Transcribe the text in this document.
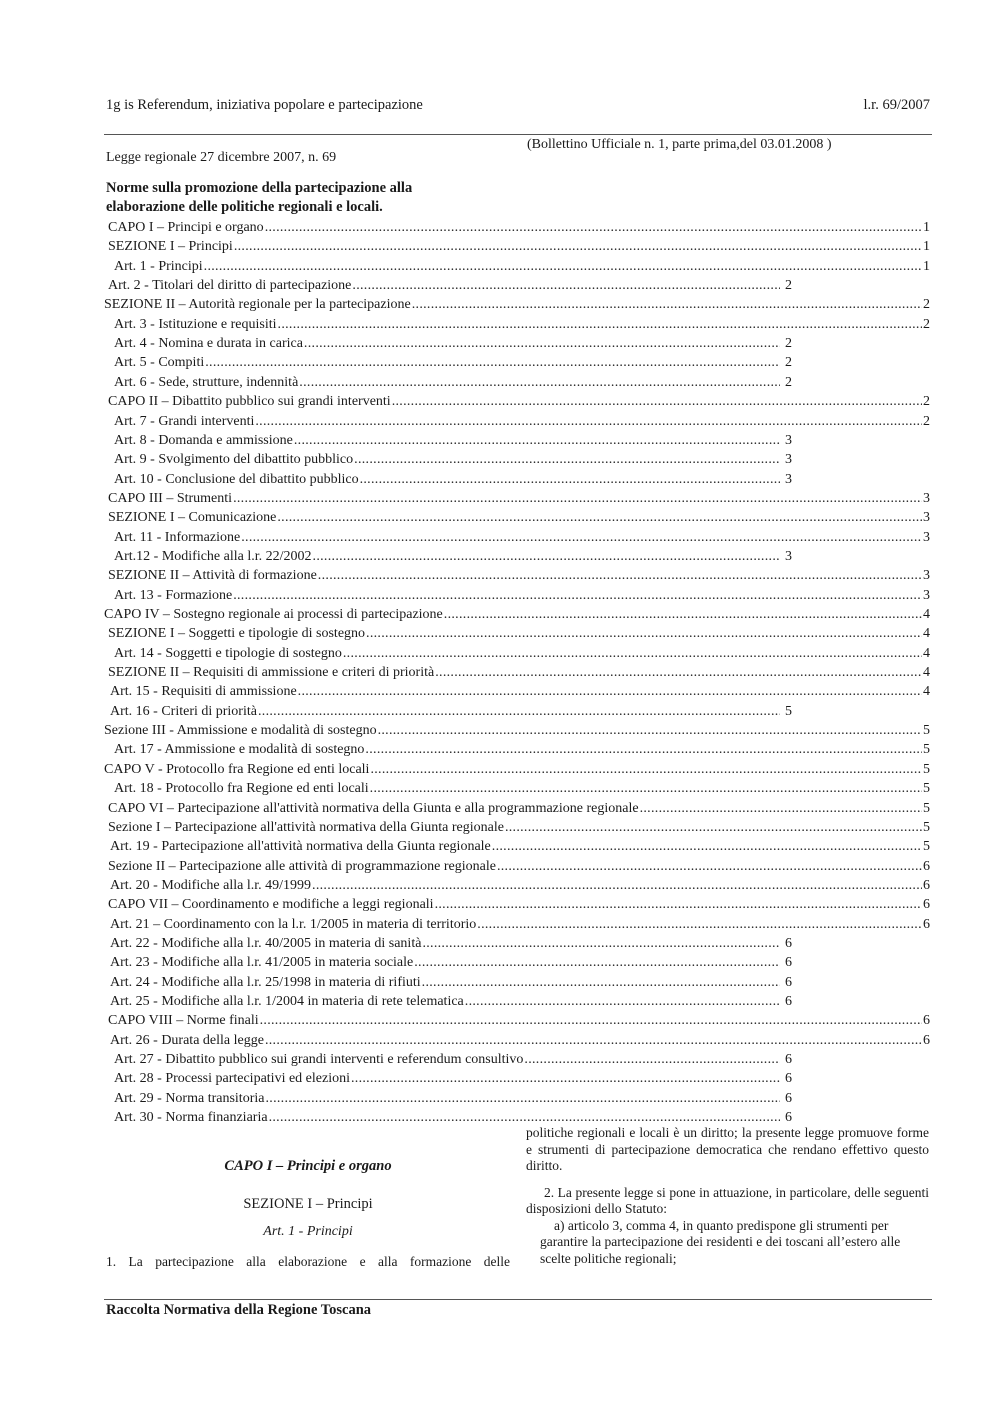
1g is Referendum, iniziativa popolare e partecipazione	l.r. 69/2007
(Bollettino Ufficiale n. 1, parte prima,del 03.01.2008 )
Legge regionale 27 dicembre 2007, n. 69
Norme sulla promozione della partecipazione alla
elaborazione delle politiche regionali e locali.
CAPO I – Principi e organo .....	1
SEZIONE I – Principi .....	1
Art. 1 - Principi .....	1
Art. 2 - Titolari del diritto di partecipazione .....	2
SEZIONE II – Autorità regionale per la partecipazione .....	2
Art. 3 - Istituzione e requisiti .....	2
Art. 4 - Nomina e durata in carica .....	2
Art. 5 - Compiti .....	2
Art. 6 - Sede, strutture, indennità .....	2
CAPO II – Dibattito pubblico sui grandi interventi .....	2
Art. 7 - Grandi interventi .....	2
Art. 8 - Domanda e ammissione .....	3
Art. 9 - Svolgimento del dibattito pubblico .....	3
Art. 10 - Conclusione del dibattito pubblico .....	3
CAPO III – Strumenti .....	3
SEZIONE I – Comunicazione .....	3
Art. 11 - Informazione .....	3
Art.12 - Modifiche alla l.r. 22/2002 .....	3
SEZIONE II – Attività di formazione .....	3
Art. 13 - Formazione .....	3
CAPO IV – Sostegno regionale ai processi di partecipazione .....	4
SEZIONE I – Soggetti e tipologie di sostegno .....	4
Art. 14 - Soggetti e tipologie di sostegno .....	4
SEZIONE II – Requisiti di ammissione e criteri di priorità .....	4
Art. 15 - Requisiti di ammissione .....	4
Art. 16 - Criteri di priorità .....	5
Sezione III - Ammissione e modalità di sostegno .....	5
Art. 17 - Ammissione e modalità di sostegno .....	5
CAPO V - Protocollo fra Regione ed enti locali .....	5
Art. 18 - Protocollo fra Regione ed enti locali .....	5
CAPO VI – Partecipazione all'attività normativa della Giunta e alla programmazione regionale .....	5
Sezione I – Partecipazione all'attività normativa della Giunta regionale .....	5
Art. 19 - Partecipazione all'attività normativa della Giunta regionale .....	5
Sezione II – Partecipazione alle attività di programmazione regionale .....	6
Art. 20 - Modifiche alla l.r. 49/1999 .....	6
CAPO VII – Coordinamento e modifiche a leggi regionali .....	6
Art. 21 – Coordinamento con la l.r. 1/2005 in materia di territorio .....	6
Art. 22 - Modifiche alla l.r. 40/2005 in materia di sanità .....	6
Art. 23 - Modifiche alla l.r. 41/2005 in materia sociale .....	6
Art. 24 - Modifiche alla l.r. 25/1998 in materia di rifiuti .....	6
Art. 25 - Modifiche alla l.r. 1/2004 in materia di rete telematica .....	6
CAPO VIII – Norme finali .....	6
Art. 26 - Durata della legge .....	6
Art. 27 - Dibattito pubblico sui grandi interventi e referendum consultivo .....	6
Art. 28 - Processi partecipativi ed elezioni .....	6
Art. 29 - Norma transitoria .....	6
Art. 30 - Norma finanziaria .....	6
CAPO I – Principi e organo
SEZIONE I – Principi
Art. 1 - Principi
1. La partecipazione alla elaborazione e alla formazione delle

politiche regionali e locali è un diritto; la presente legge promuove forme e strumenti di partecipazione democratica che rendano effettivo questo diritto.

2. La presente legge si pone in attuazione, in particolare, delle seguenti disposizioni dello Statuto:

a) articolo 3, comma 4, in quanto predispone gli strumenti per garantire la partecipazione dei residenti e dei toscani all’estero alle scelte politiche regionali;

Raccolta Normativa della Regione Toscana
